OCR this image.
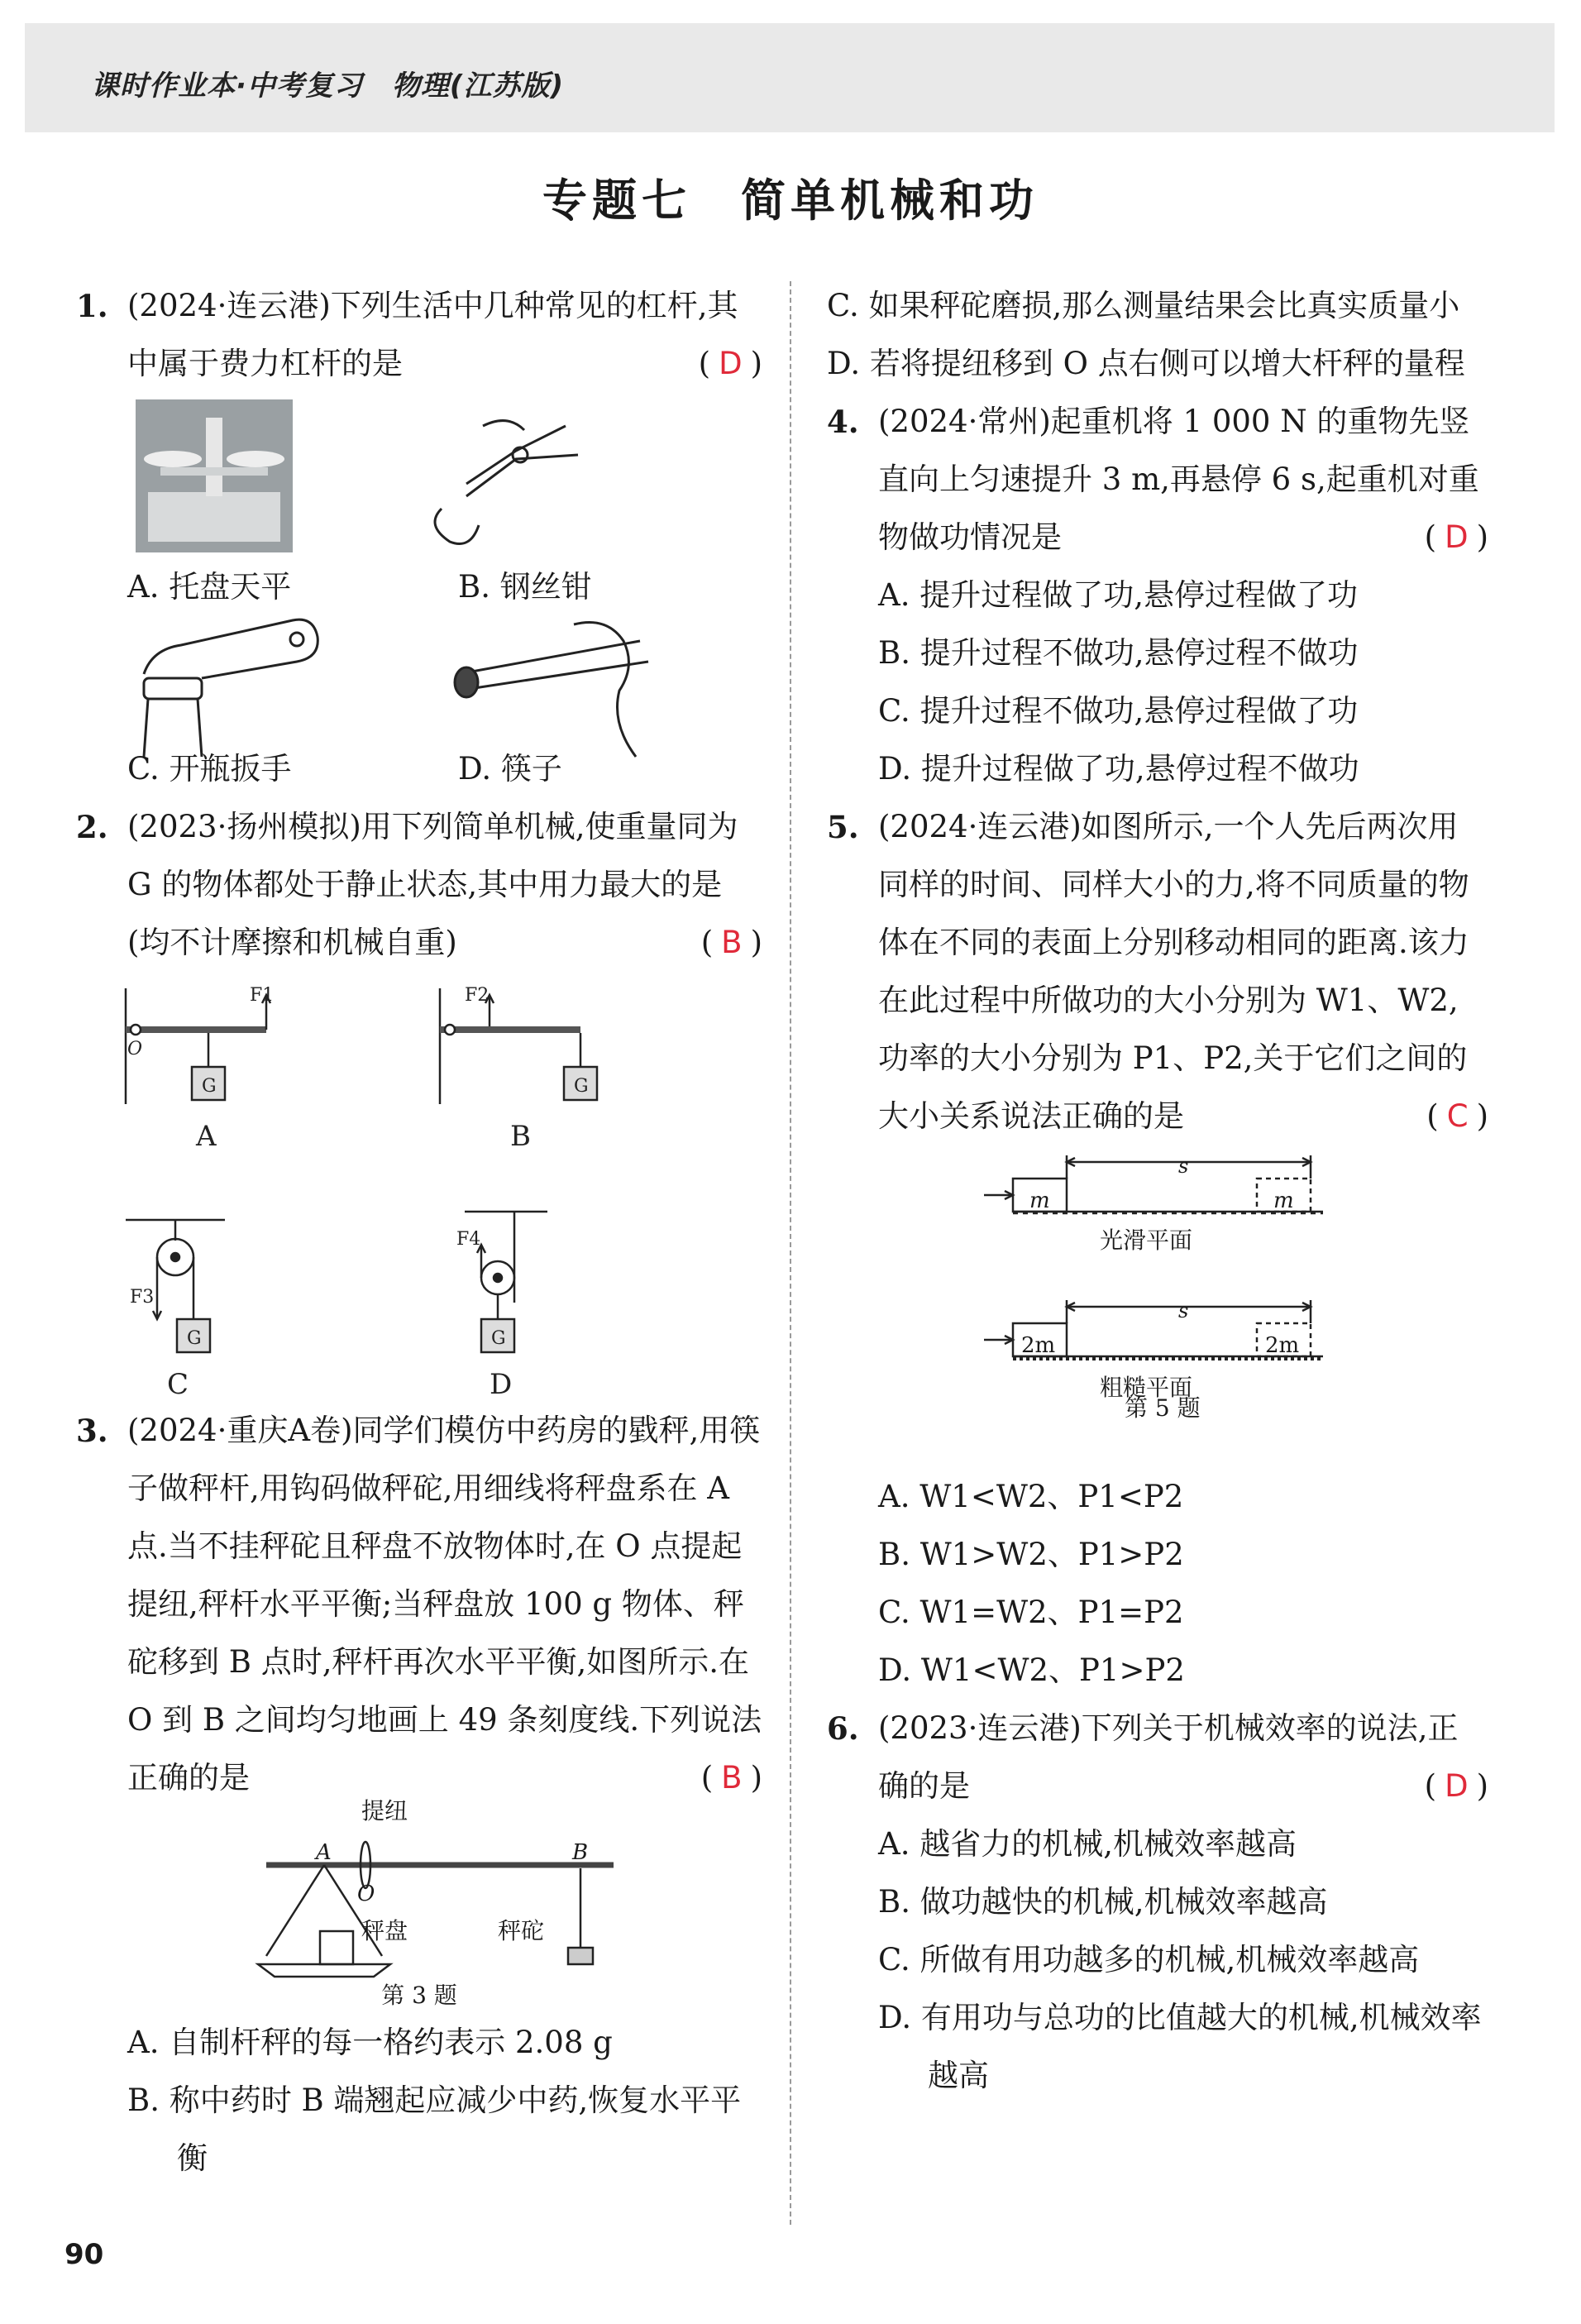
课时作业本·中考复习　物理(江苏版)
专题七　简单机械和功
1. (2024·连云港)下列生活中几种常见的杠杆,其中属于费力杠杆的是	( D )
A. 托盘天平	B. 钢丝钳
C. 开瓶扳手	D. 筷子
2. (2023·扬州模拟)用下列简单机械,使重量同为 G 的物体都处于静止状态,其中用力最大的是(均不计摩擦和机械自重)	( B )
F1
O
G
A
F2
G
B
F3
G
C
F4
G
D
3. (2024·重庆A卷)同学们模仿中药房的戥秤,用筷子做秤杆,用钩码做秤砣,用细线将秤盘系在 A 点.当不挂秤砣且秤盘不放物体时,在 O 点提起提纽,秤杆水平平衡;当秤盘放 100 g 物体、秤砣移到 B 点时,秤杆再次水平平衡,如图所示.在 O 到 B 之间均匀地画上 49 条刻度线.下列说法正确的是	( B )
提纽
A	B
O
秤盘	秤砣
第 3 题
A. 自制杆秤的每一格约表示 2.08 g
B. 称中药时 B 端翘起应减少中药,恢复水平平衡
C. 如果秤砣磨损,那么测量结果会比真实质量小
D. 若将提纽移到 O 点右侧可以增大杆秤的量程
4. (2024·常州)起重机将 1 000 N 的重物先竖直向上匀速提升 3 m,再悬停 6 s,起重机对重物做功情况是	( D )
A. 提升过程做了功,悬停过程做了功
B. 提升过程不做功,悬停过程不做功
C. 提升过程不做功,悬停过程做了功
D. 提升过程做了功,悬停过程不做功
5. (2024·连云港)如图所示,一个人先后两次用同样的时间、同样大小的力,将不同质量的物体在不同的表面上分别移动相同的距离.该力在此过程中所做功的大小分别为 W1、W2,功率的大小分别为 P1、P2,关于它们之间的大小关系说法正确的是	( C )
s
m	m
光滑平面
s
2m	2m
粗糙平面
第 5 题
A. W1<W2、P1<P2
B. W1>W2、P1>P2
C. W1=W2、P1=P2
D. W1<W2、P1>P2
6. (2023·连云港)下列关于机械效率的说法,正确的是	( D )
A. 越省力的机械,机械效率越高
B. 做功越快的机械,机械效率越高
C. 所做有用功越多的机械,机械效率越高
D. 有用功与总功的比值越大的机械,机械效率越高
90
